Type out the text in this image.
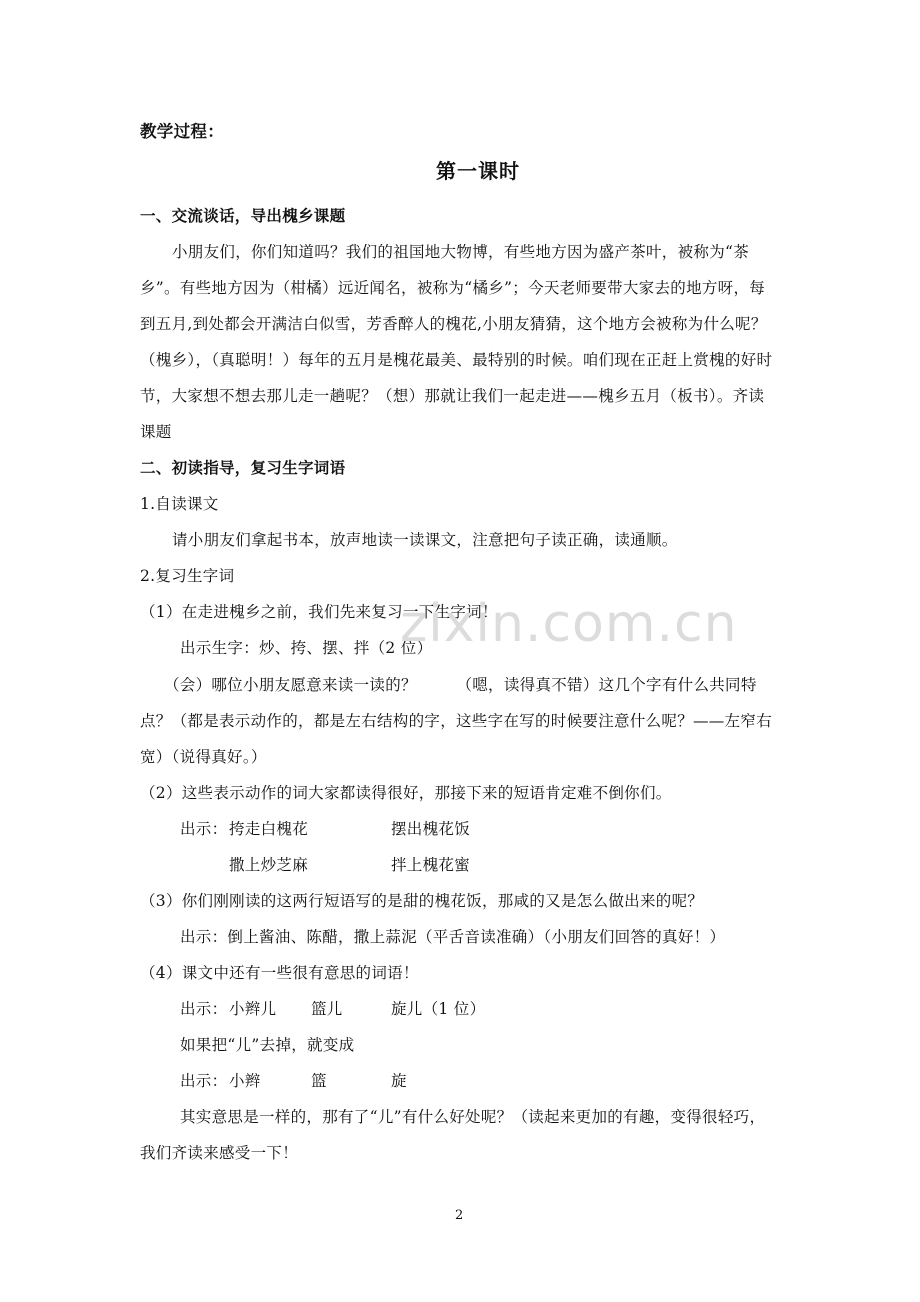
教学过程：
第一课时
一、交流谈话，导出槐乡课题
小朋友们，你们知道吗？我们的祖国地大物博，有些地方因为盛产茶叶，被称为“茶
乡”。有些地方因为（柑橘）远近闻名，被称为“橘乡”；今天老师要带大家去的地方呀，每
到五月,到处都会开满洁白似雪，芳香醉人的槐花,小朋友猜猜，这个地方会被称为什么呢？
（槐乡），（真聪明！）每年的五月是槐花最美、最特别的时候。咱们现在正赶上赏槐的好时
节，大家想不想去那儿走一趟呢？（想）那就让我们一起走进——槐乡五月（板书）。齐读
课题
二、初读指导，复习生字词语
1.自读课文
请小朋友们拿起书本，放声地读一读课文，注意把句子读正确，读通顺。
2.复习生字词
（1）在走进槐乡之前，我们先来复习一下生字词！
出示生字：炒、挎、摆、拌（2 位）
（会）哪位小朋友愿意来读一读的？　　　（嗯，读得真不错）这几个字有什么共同特
点？（都是表示动作的，都是左右结构的字，这些字在写的时候要注意什么呢？——左窄右
宽）（说得真好。）
（2）这些表示动作的词大家都读得很好，那接下来的短语肯定难不倒你们。
出示： 挎走白槐花	摆出槐花饭
撒上炒芝麻	拌上槐花蜜
（3）你们刚刚读的这两行短语写的是甜的槐花饭，那咸的又是怎么做出来的呢？
出示：倒上酱油、陈醋，撒上蒜泥（平舌音读准确）（小朋友们回答的真好！）
（4）课文中还有一些很有意思的词语！
出示： 小辫儿 篮儿	旋儿（1 位）
如果把“儿”去掉，就变成
出示： 小辫	篮	旋
其实意思是一样的，那有了“儿”有什么好处呢？（读起来更加的有趣，变得很轻巧，
我们齐读来感受一下！
zixin.com.cn
2
